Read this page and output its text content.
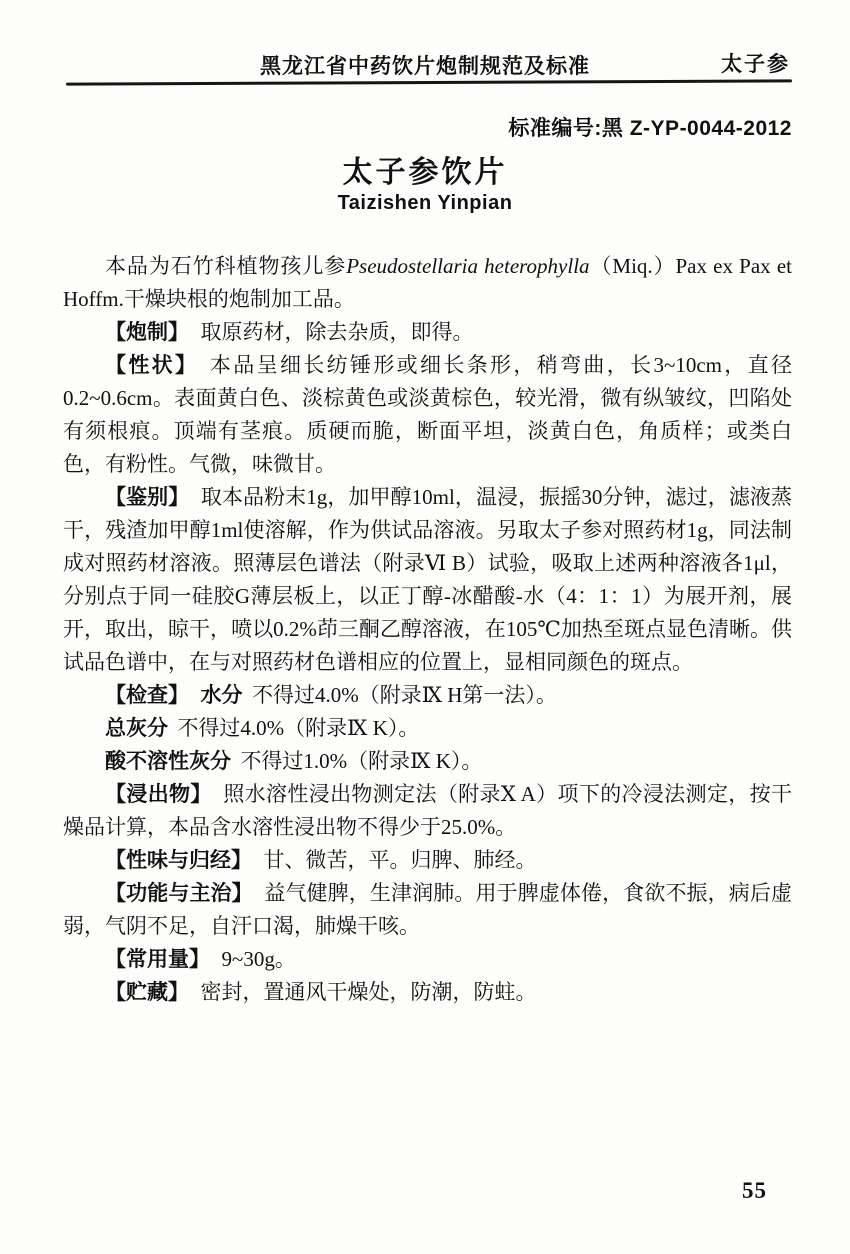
黑龙江省中药饮片炮制规范及标准	太子参
标准编号:黑 Z-YP-0044-2012
太子参饮片
Taizishen Yinpian

本品为石竹科植物孩儿参Pseudostellaria heterophylla（Miq.）Pax ex Pax et Hoffm.干燥块根的炮制加工品。

【炮制】 取原药材，除去杂质，即得。

【性状】 本品呈细长纺锤形或细长条形，稍弯曲，长3~10cm，直径0.2~0.6cm。表面黄白色、淡棕黄色或淡黄棕色，较光滑，微有纵皱纹，凹陷处有须根痕。顶端有茎痕。质硬而脆，断面平坦，淡黄白色，角质样；或类白色，有粉性。气微，味微甘。

【鉴别】 取本品粉末1g，加甲醇10ml，温浸，振摇30分钟，滤过，滤液蒸干，残渣加甲醇1ml使溶解，作为供试品溶液。另取太子参对照药材1g，同法制成对照药材溶液。照薄层色谱法（附录Ⅵ B）试验，吸取上述两种溶液各1μl，分别点于同一硅胶G薄层板上，以正丁醇-冰醋酸-水（4：1：1）为展开剂，展开，取出，晾干，喷以0.2%茚三酮乙醇溶液，在105℃加热至斑点显色清晰。供试品色谱中，在与对照药材色谱相应的位置上，显相同颜色的斑点。

【检查】 水分 不得过4.0%（附录Ⅸ H第一法）。

总灰分 不得过4.0%（附录Ⅸ K）。

酸不溶性灰分 不得过1.0%（附录Ⅸ K）。

【浸出物】 照水溶性浸出物测定法（附录Ⅹ A）项下的冷浸法测定，按干燥品计算，本品含水溶性浸出物不得少于25.0%。

【性味与归经】 甘、微苦，平。归脾、肺经。

【功能与主治】 益气健脾，生津润肺。用于脾虚体倦，食欲不振，病后虚弱，气阴不足，自汗口渴，肺燥干咳。

【常用量】 9~30g。

【贮藏】 密封，置通风干燥处，防潮，防蛀。

55
